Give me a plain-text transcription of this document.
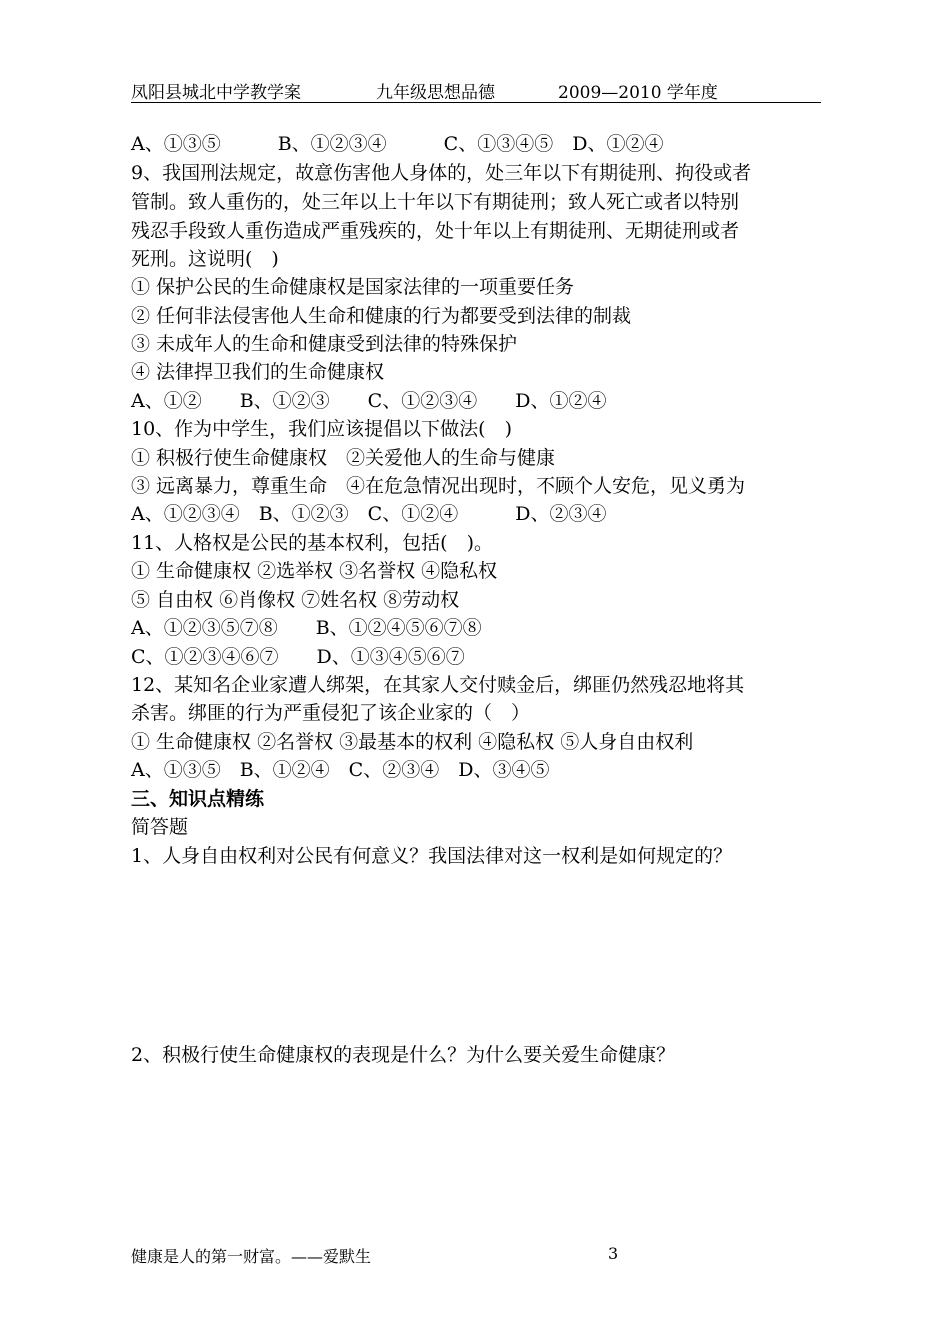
凤阳县城北中学教学案	九年级思想品德	2009—2010 学年度
A、①③⑤　　　B、①②③④　　　C、①③④⑤　D、①②④
9、我国刑法规定，故意伤害他人身体的，处三年以下有期徒刑、拘役或者
管制。致人重伤的，处三年以上十年以下有期徒刑；致人死亡或者以特别
残忍手段致人重伤造成严重残疾的，处十年以上有期徒刑、无期徒刑或者
死刑。这说明(　)
① 保护公民的生命健康权是国家法律的一项重要任务
② 任何非法侵害他人生命和健康的行为都要受到法律的制裁
③ 未成年人的生命和健康受到法律的特殊保护
④ 法律捍卫我们的生命健康权
A、①②　　B、①②③　　C、①②③④　　D、①②④
10、作为中学生，我们应该提倡以下做法(　)
① 积极行使生命健康权　②关爱他人的生命与健康
③ 远离暴力，尊重生命　④在危急情况出现时，不顾个人安危，见义勇为
A、①②③④　B、①②③　C、①②④　　　D、②③④
11、人格权是公民的基本权利，包括(　)。
① 生命健康权 ②选举权 ③名誉权 ④隐私权
⑤ 自由权 ⑥肖像权 ⑦姓名权 ⑧劳动权
A、①②③⑤⑦⑧　　B、①②④⑤⑥⑦⑧
C、①②③④⑥⑦　　D、①③④⑤⑥⑦
12、某知名企业家遭人绑架，在其家人交付赎金后，绑匪仍然残忍地将其
杀害。绑匪的行为严重侵犯了该企业家的（　）
① 生命健康权 ②名誉权 ③最基本的权利 ④隐私权 ⑤人身自由权利
A、①③⑤　B、①②④　C、②③④　D、③④⑤
三、知识点精练
简答题
1、人身自由权利对公民有何意义？我国法律对这一权利是如何规定的？
2、积极行使生命健康权的表现是什么？为什么要关爱生命健康？
健康是人的第一财富。——爱默生	3
